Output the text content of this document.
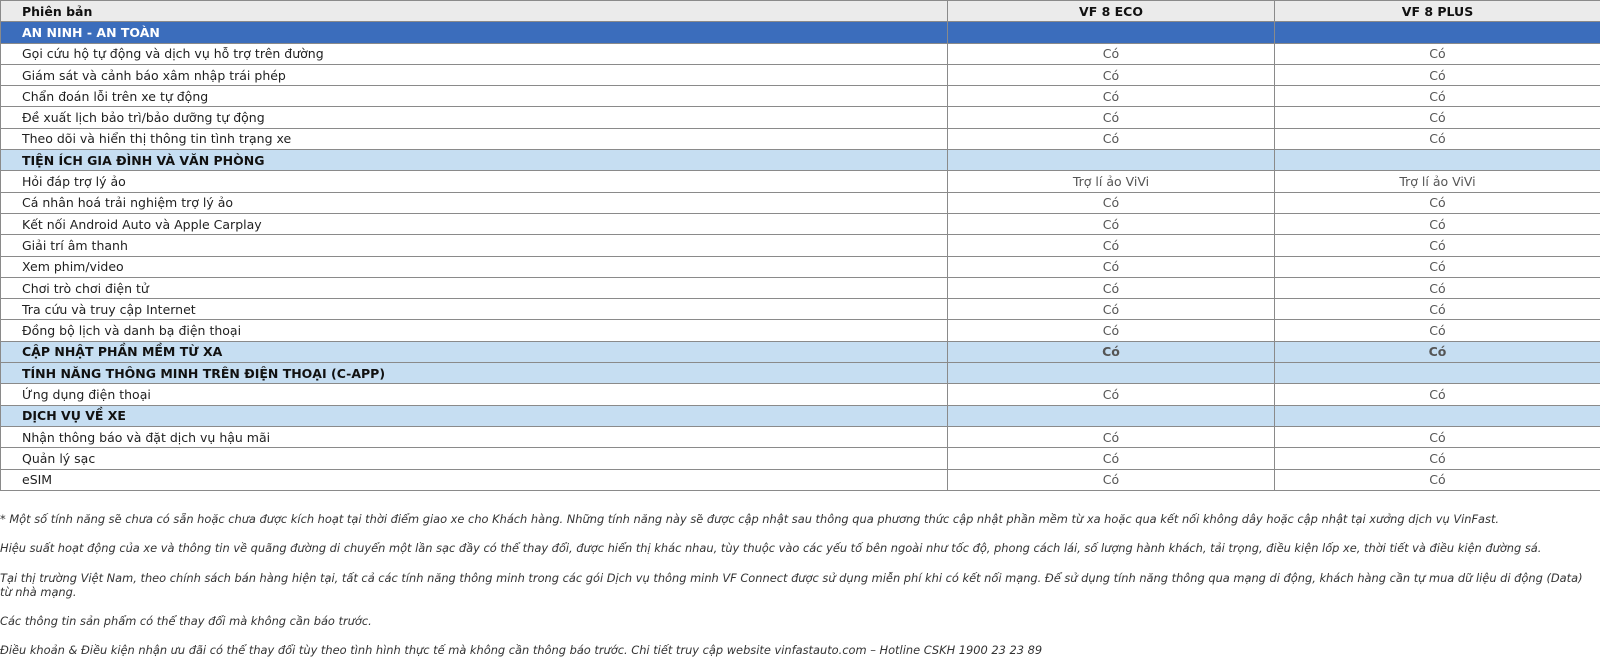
Phiên bản	VF 8 ECO	VF 8 PLUS
AN NINH - AN TOÀN		
Gọi cứu hộ tự động và dịch vụ hỗ trợ trên đường	Có	Có
Giám sát và cảnh báo xâm nhập trái phép	Có	Có
Chẩn đoán lỗi trên xe tự động	Có	Có
Đề xuất lịch bảo trì/bảo dưỡng tự động	Có	Có
Theo dõi và hiển thị thông tin tình trạng xe	Có	Có
TIỆN ÍCH GIA ĐÌNH VÀ VĂN PHÒNG		
Hỏi đáp trợ lý ảo	Trợ lí ảo ViVi	Trợ lí ảo ViVi
Cá nhân hoá trải nghiệm trợ lý ảo	Có	Có
Kết nối Android Auto và Apple Carplay	Có	Có
Giải trí âm thanh	Có	Có
Xem phim/video	Có	Có
Chơi trò chơi điện tử	Có	Có
Tra cứu và truy cập Internet	Có	Có
Đồng bộ lịch và danh bạ điện thoại	Có	Có
CẬP NHẬT PHẦN MỀM TỪ XA	Có	Có
TÍNH NĂNG THÔNG MINH TRÊN ĐIỆN THOẠI (C-APP)		
Ứng dụng điện thoại	Có	Có
DỊCH VỤ VỀ XE		
Nhận thông báo và đặt dịch vụ hậu mãi	Có	Có
Quản lý sạc	Có	Có
eSIM	Có	Có

* Một số tính năng sẽ chưa có sẵn hoặc chưa được kích hoạt tại thời điểm giao xe cho Khách hàng. Những tính năng này sẽ được cập nhật sau thông qua phương thức cập nhật phần mềm từ xa hoặc qua kết nối không dây hoặc cập nhật tại xưởng dịch vụ VinFast.

Hiệu suất hoạt động của xe và thông tin về quãng đường di chuyển một lần sạc đầy có thể thay đổi, được hiển thị khác nhau, tùy thuộc vào các yếu tố bên ngoài như tốc độ, phong cách lái, số lượng hành khách, tải trọng, điều kiện lốp xe, thời tiết và điều kiện đường sá.

Tại thị trường Việt Nam, theo chính sách bán hàng hiện tại, tất cả các tính năng thông minh trong các gói Dịch vụ thông minh VF Connect được sử dụng miễn phí khi có kết nối mạng. Để sử dụng tính năng thông qua mạng di động, khách hàng cần tự mua dữ liệu di động (Data) từ nhà mạng.

Các thông tin sản phẩm có thể thay đổi mà không cần báo trước.

Điều khoản & Điều kiện nhận ưu đãi có thể thay đổi tùy theo tình hình thực tế mà không cần thông báo trước. Chi tiết truy cập website vinfastauto.com – Hotline CSKH 1900 23 23 89
